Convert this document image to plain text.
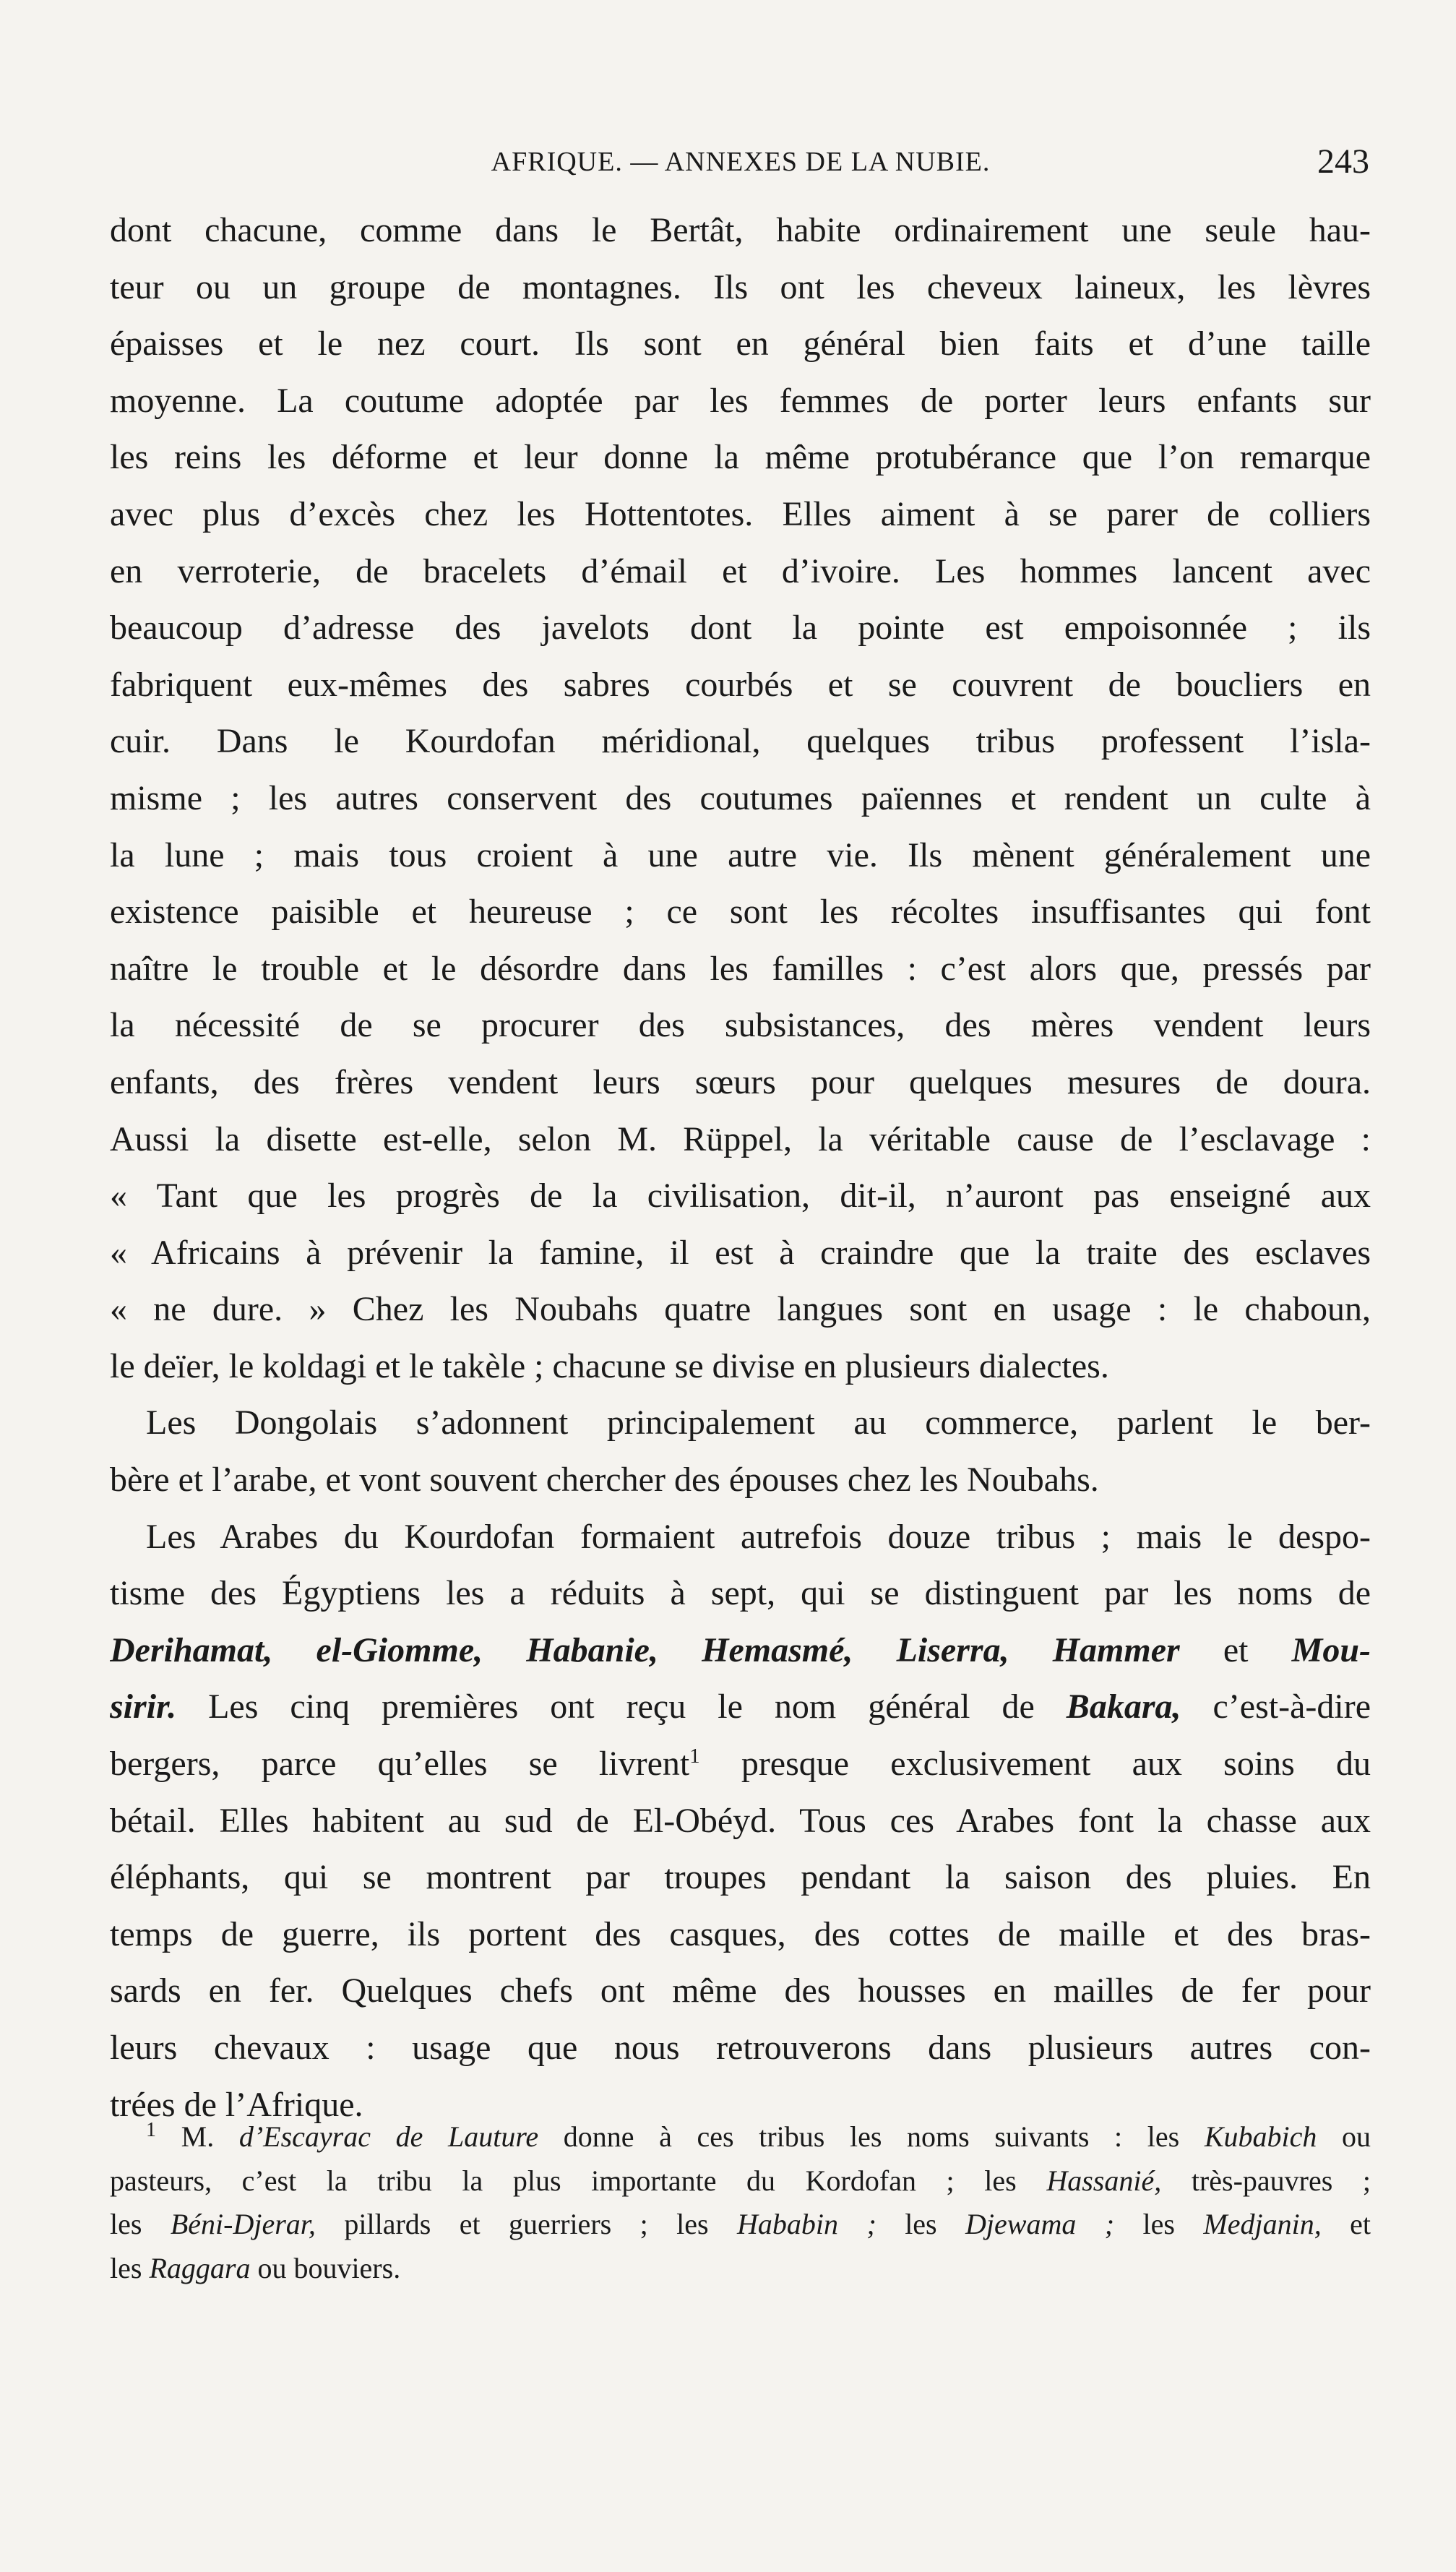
AFRIQUE. — ANNEXES DE LA NUBIE.	243
dont chacune, comme dans le Bertât, habite ordinairement une seule hau-
teur ou un groupe de montagnes. Ils ont les cheveux laineux, les lèvres
épaisses et le nez court. Ils sont en général bien faits et d’une taille
moyenne. La coutume adoptée par les femmes de porter leurs enfants sur
les reins les déforme et leur donne la même protubérance que l’on remarque
avec plus d’excès chez les Hottentotes. Elles aiment à se parer de colliers
en verroterie, de bracelets d’émail et d’ivoire. Les hommes lancent avec
beaucoup d’adresse des javelots dont la pointe est empoisonnée ; ils
fabriquent eux-mêmes des sabres courbés et se couvrent de boucliers en
cuir. Dans le Kourdofan méridional, quelques tribus professent l’isla-
misme ; les autres conservent des coutumes païennes et rendent un culte à
la lune ; mais tous croient à une autre vie. Ils mènent généralement une
existence paisible et heureuse ; ce sont les récoltes insuffisantes qui font
naître le trouble et le désordre dans les familles : c’est alors que, pressés par
la nécessité de se procurer des subsistances, des mères vendent leurs
enfants, des frères vendent leurs sœurs pour quelques mesures de doura.
Aussi la disette est-elle, selon M. Rüppel, la véritable cause de l’esclavage :
« Tant que les progrès de la civilisation, dit-il, n’auront pas enseigné aux
« Africains à prévenir la famine, il est à craindre que la traite des esclaves
« ne dure. » Chez les Noubahs quatre langues sont en usage : le chaboun,
le deïer, le koldagi et le takèle ; chacune se divise en plusieurs dialectes.
Les Dongolais s’adonnent principalement au commerce, parlent le ber-
bère et l’arabe, et vont souvent chercher des épouses chez les Noubahs.
Les Arabes du Kourdofan formaient autrefois douze tribus ; mais le despo-
tisme des Égyptiens les a réduits à sept, qui se distinguent par les noms de
Derihamat, el-Giomme, Habanie, Hemasmé, Liserra, Hammer et Mou-
sirir. Les cinq premières ont reçu le nom général de Bakara, c’est-à-dire
bergers, parce qu’elles se livrent$^1$ presque exclusivement aux soins du
bétail. Elles habitent au sud de El-Obéyd. Tous ces Arabes font la chasse aux
éléphants, qui se montrent par troupes pendant la saison des pluies. En
temps de guerre, ils portent des casques, des cottes de maille et des bras-
sards en fer. Quelques chefs ont même des housses en mailles de fer pour
leurs chevaux : usage que nous retrouverons dans plusieurs autres con-
trées de l’Afrique.
$^1$ M. d’Escayrac de Lauture donne à ces tribus les noms suivants : les Kubabich ou
pasteurs, c’est la tribu la plus importante du Kordofan ; les Hassanié, très-pauvres ;
les Béni-Djerar, pillards et guerriers ; les Hababin ; les Djewama ; les Medjanin, et
les Raggara ou bouviers.
